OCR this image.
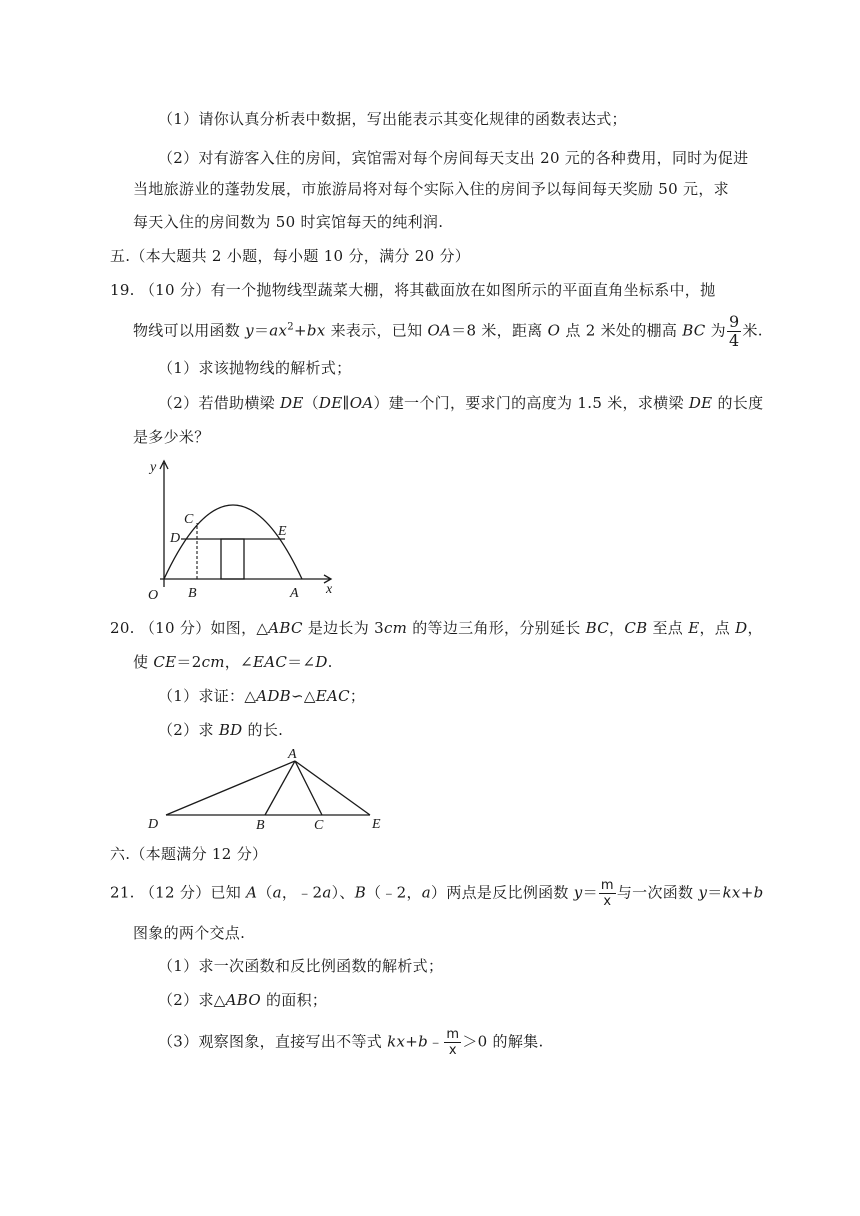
（1）请你认真分析表中数据，写出能表示其变化规律的函数表达式；
（2）对有游客入住的房间，宾馆需对每个房间每天支出 20 元的各种费用，同时为促进
当地旅游业的蓬勃发展，市旅游局将对每个实际入住的房间予以每间每天奖励 50 元，求
每天入住的房间数为 50 时宾馆每天的纯利润.
五.（本大题共 2 小题，每小题 10 分，满分 20 分）
19. （10 分）有一个抛物线型蔬菜大棚，将其截面放在如图所示的平面直角坐标系中，抛
物线可以用函数 $y=ax^2+bx$ 来表示，已知 OA＝8 米，距离 O 点 2 米处的棚高 BC 为 $\frac{9}{4}$ 米.
（1）求该抛物线的解析式；
（2）若借助横梁 DE（DE∥OA）建一个门，要求门的高度为 1.5 米，求横梁 DE 的长度
是多少米？
y
x
O B	A
C
D	E
20. （10 分）如图，△ABC 是边长为 3cm 的等边三角形，分别延长 BC，CB 至点 E，点 D，
使 CE＝2cm，∠EAC＝∠D.
（1）求证：△ADB∽△EAC；
（2）求 BD 的长.
A
D	B	C	E
六.（本题满分 12 分）
21. （12 分）已知 A（a，﹣2a）、B（﹣2，a）两点是反比例函数 $y= \frac{m}{x}$ 与一次函数 y＝kx+b
图象的两个交点.
（1）求一次函数和反比例函数的解析式；
（2）求△ABO 的面积；
（3）观察图象，直接写出不等式 kx+b﹣ $\frac{m}{x} >0$ 的解集.
